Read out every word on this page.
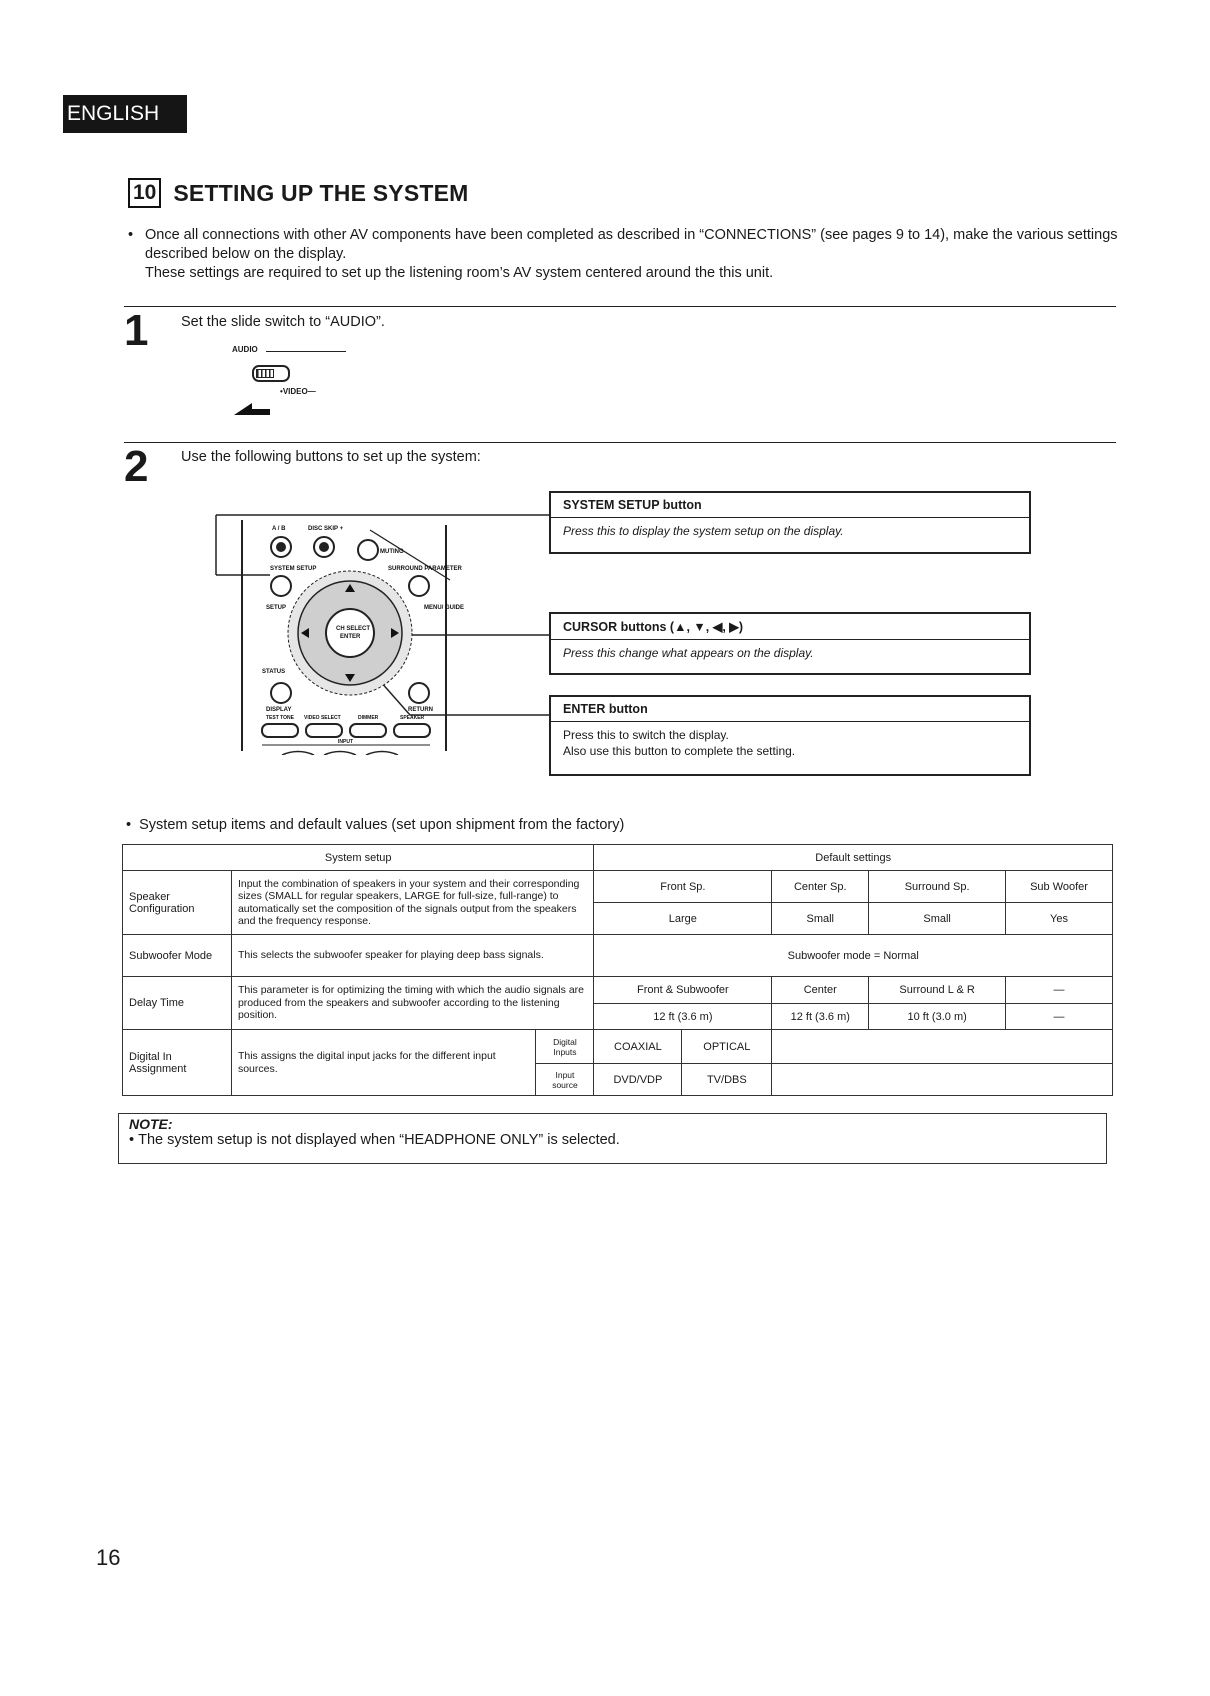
ENGLISH
10 SETTING UP THE SYSTEM
• Once all connections with other AV components have been completed as described in “CONNECTIONS” (see pages 9 to 14), make the various settings described below on the display.
These settings are required to set up the listening room’s AV system centered around the this unit.
1 Set the slide switch to “AUDIO”.
AUDIO
•VIDEO—
2 Use the following buttons to set up the system:
A / B	DISC SKIP +
MUTING
SYSTEM SETUP	SURROUND PARAMETER
SETUP	MENU/ GUIDE
CH SELECT
ENTER
STATUS
DISPLAY	RETURN
TEST TONE VIDEO SELECT	DIMMER	SPEAKER
INPUT
SYSTEM SETUP button
Press this to display the system setup on the display.
CURSOR buttons (▲, ▼, ◀, ▶)
Press this change what appears on the display.
ENTER button
Press this to switch the display.
Also use this button to complete the setting.
•  System setup items and default values (set upon shipment from the factory)
System setup			Default settings				
Speaker Configuration	Input the combination of speakers in your system and their corresponding sizes (SMALL for regular speakers, LARGE for full-size, full-range) to automatically set the composition of the signals output from the speakers and the frequency response.		Front Sp.		Center Sp.	Surround Sp.	Sub Woofer
			Large		Small	Small	Yes
Subwoofer Mode	This selects the subwoofer speaker for playing deep bass signals.		Subwoofer mode = Normal				
Delay Time	This parameter is for optimizing the timing with which the audio signals are produced from the speakers and subwoofer according to the listening position.		Front & Subwoofer		Center	Surround L & R	—
			12 ft (3.6 m)		12 ft (3.6 m)	10 ft (3.0 m)	—
Digital In Assignment	This assigns the digital input jacks for the different input sources.	Digital Inputs	COAXIAL	OPTICAL			
		Input source	DVD/VDP	TV/DBS			
NOTE:
• The system setup is not displayed when “HEADPHONE ONLY” is selected.
16
